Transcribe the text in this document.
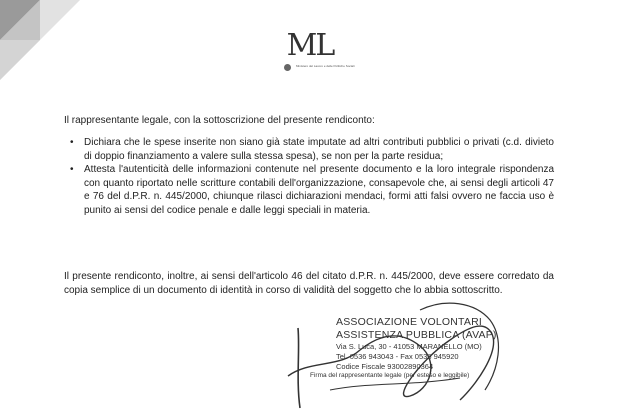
ML
Ministero del Lavoro e delle Politiche Sociali

Il rappresentante legale, con la sottoscrizione del presente rendiconto:

• Dichiara che le spese inserite non siano già state imputate ad altri contributi pubblici o privati (c.d. divieto di doppio finanziamento a valere sulla stessa spesa), se non per la parte residua;
• Attesta l'autenticità delle informazioni contenute nel presente documento e la loro integrale rispondenza con quanto riportato nelle scritture contabili dell'organizzazione, consapevole che, ai sensi degli articoli 47 e 76 del d.P.R. n. 445/2000, chiunque rilasci dichiarazioni mendaci, formi atti falsi ovvero ne faccia uso è punito ai sensi del codice penale e dalle leggi speciali in materia.

Il presente rendiconto, inoltre, ai sensi dell'articolo 46 del citato d.P.R. n. 445/2000, deve essere corredato da copia semplice di un documento di identità in corso di validità del soggetto che lo abbia sottoscritto.

ASSOCIAZIONE VOLONTARI
ASSISTENZA PUBBLICA (AVAP)
Via S. Luca, 30 - 41053 MARANELLO (MO)
Tel. 0536 943043 - Fax 0536 945920
Codice Fiscale 93002890364
Firma del rappresentante legale (per esteso e leggibile)
